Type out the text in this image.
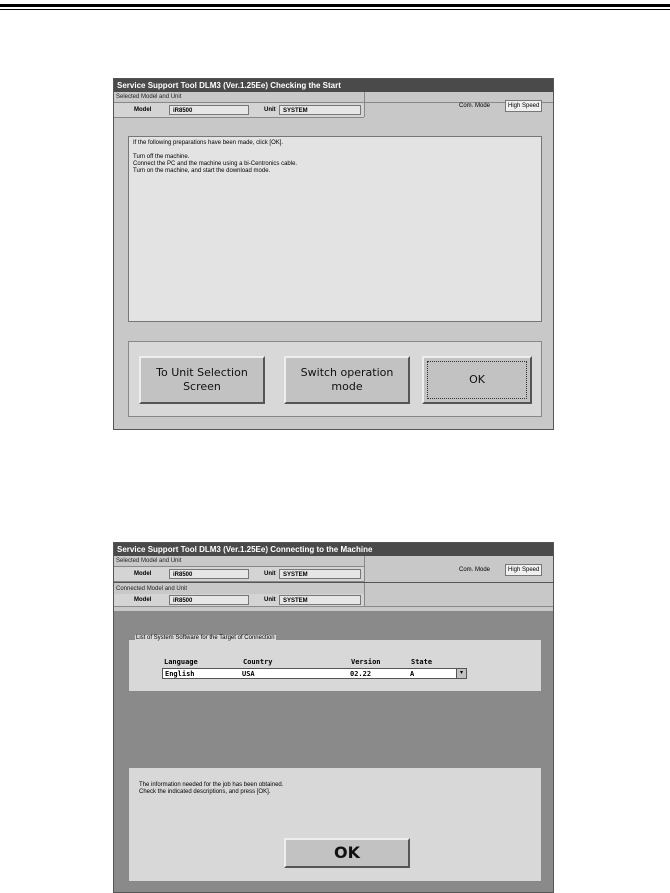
Service Support Tool DLM3 (Ver.1.25Ee) Checking the Start
Selected Model and Unit
Com. Mode	High Speed
Model	iR8500	Unit	SYSTEM
If the following preparations have been made, click [OK].
Turn off the machine.
Connect the PC and the machine using a bi-Centronics cable.
Turn on the machine, and start the download mode.
To Unit Selection Screen
Switch operation mode
OK
Service Support Tool DLM3 (Ver.1.25Ee) Connecting to the Machine
Selected Model and Unit
Com. Mode	High Speed
Model	iR8500	Unit	SYSTEM
Connected Model and Unit
Model	iR8500	Unit	SYSTEM
List of System Software for the Target of Connection
Language	Country	Version	State
English	USA	02.22	A	▾
The information needed for the job has been obtained.
Check the indicated descriptions, and press [OK].
OK
